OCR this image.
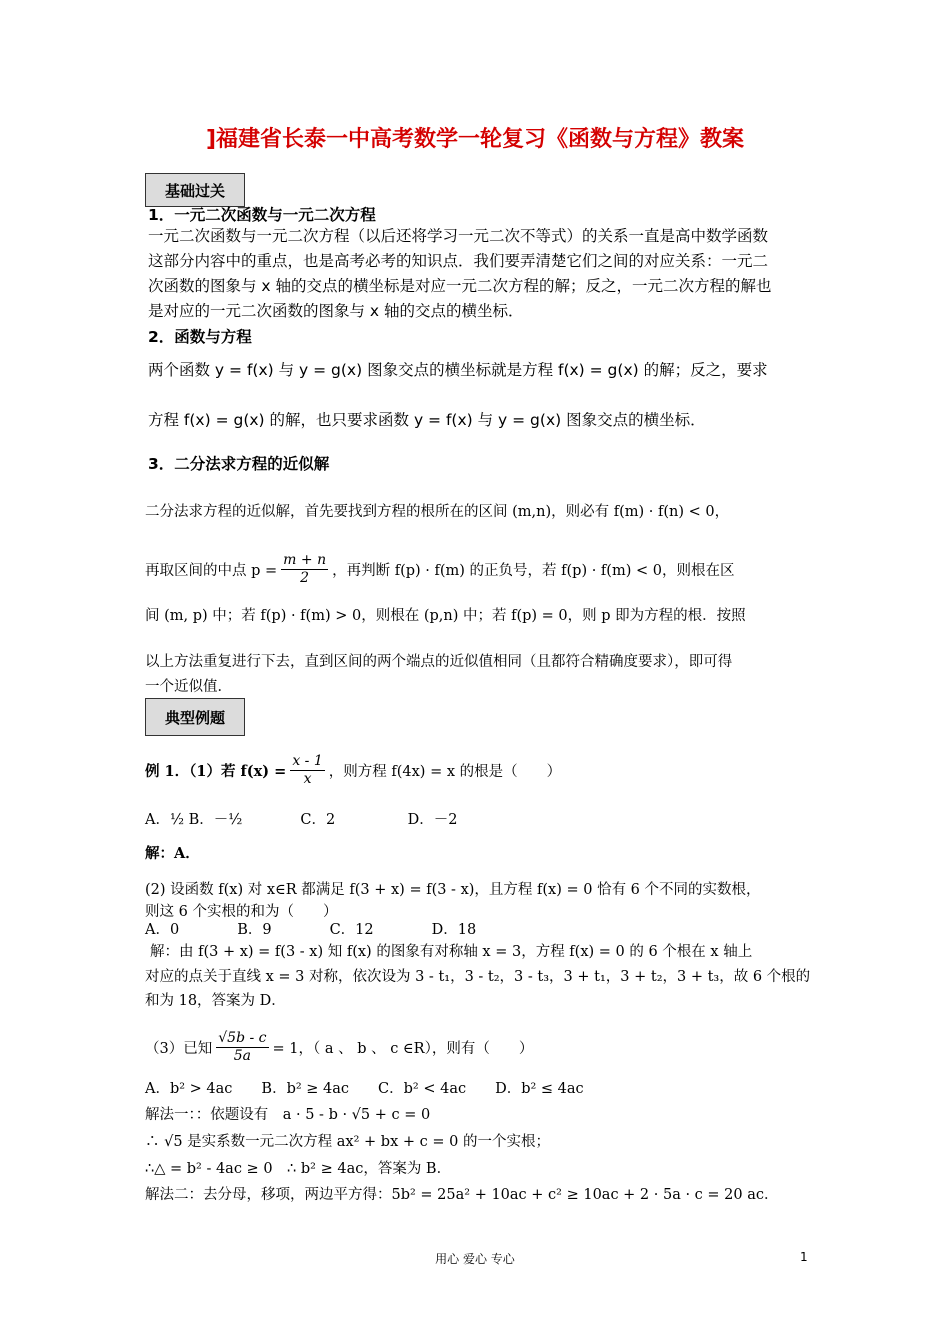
]福建省长泰一中高考数学一轮复习《函数与方程》教案
基础过关
1．一元二次函数与一元二次方程
一元二次函数与一元二次方程（以后还将学习一元二次不等式）的关系一直是高中数学函数
这部分内容中的重点，也是高考必考的知识点．我们要弄清楚它们之间的对应关系：一元二
次函数的图象与 x 轴的交点的横坐标是对应一元二次方程的解；反之，一元二次方程的解也
是对应的一元二次函数的图象与 x 轴的交点的横坐标．
2．函数与方程
两个函数 y = f(x) 与 y = g(x) 图象交点的横坐标就是方程 f(x) = g(x) 的解；反之，要求
方程 f(x) = g(x) 的解，也只要求函数 y = f(x) 与 y = g(x) 图象交点的横坐标．
3．二分法求方程的近似解
二分法求方程的近似解，首先要找到方程的根所在的区间 (m,n)，则必有 f(m) · f(n) < 0，
再取区间的中点 $p = \frac{m + n}{2}$ ，再判断 f(p) · f(m) 的正负号，若 f(p) · f(m) < 0，则根在区
间 (m, p) 中；若 f(p) · f(m) > 0，则根在 (p,n) 中；若 f(p) = 0，则 p 即为方程的根．按照
以上方法重复进行下去，直到区间的两个端点的近似值相同（且都符合精确度要求），即可得
一个近似值．
典型例题
例 1．（1）若 $f(x) = \frac{x - 1}{x}$ ，则方程 f(4x) = x 的根是（　　）
A．½ B．－½　　　　C．2　　　　　D．－2
解：A．
(2) 设函数 f(x) 对 x∈R 都满足 f(3 + x) = f(3 - x)，且方程 f(x) = 0 恰有 6 个不同的实数根，
则这 6 个实根的和为（　　）
A．0　　　　B．9　　　　C．12　　　　D．18
解：由 f(3 + x) = f(3 - x) 知 f(x) 的图象有对称轴 x = 3，方程 f(x) = 0 的 6 个根在 x 轴上
对应的点关于直线 x = 3 对称，依次设为 3 - t₁，3 - t₂，3 - t₃，3 + t₁，3 + t₂，3 + t₃，故 6 个根的
和为 18，答案为 D．
（3）已知 $\frac{√5b - c}{5a} = 1$，（ a 、 b 、 c ∈R），则有（　　）
A．b² > 4ac　　B．b² ≥ 4ac　　C．b² < 4ac　　D．b² ≤ 4ac
解法一：：依题设有　a · 5 - b · √5 + c = 0
∴ √5 是实系数一元二次方程 ax² + bx + c = 0 的一个实根；
∴△ = b² - 4ac ≥ 0　∴ b² ≥ 4ac，答案为 B．
解法二：去分母，移项，两边平方得：5b² = 25a² + 10ac + c² ≥ 10ac + 2 · 5a · c = 20 ac．
用心 爱心 专心	1
